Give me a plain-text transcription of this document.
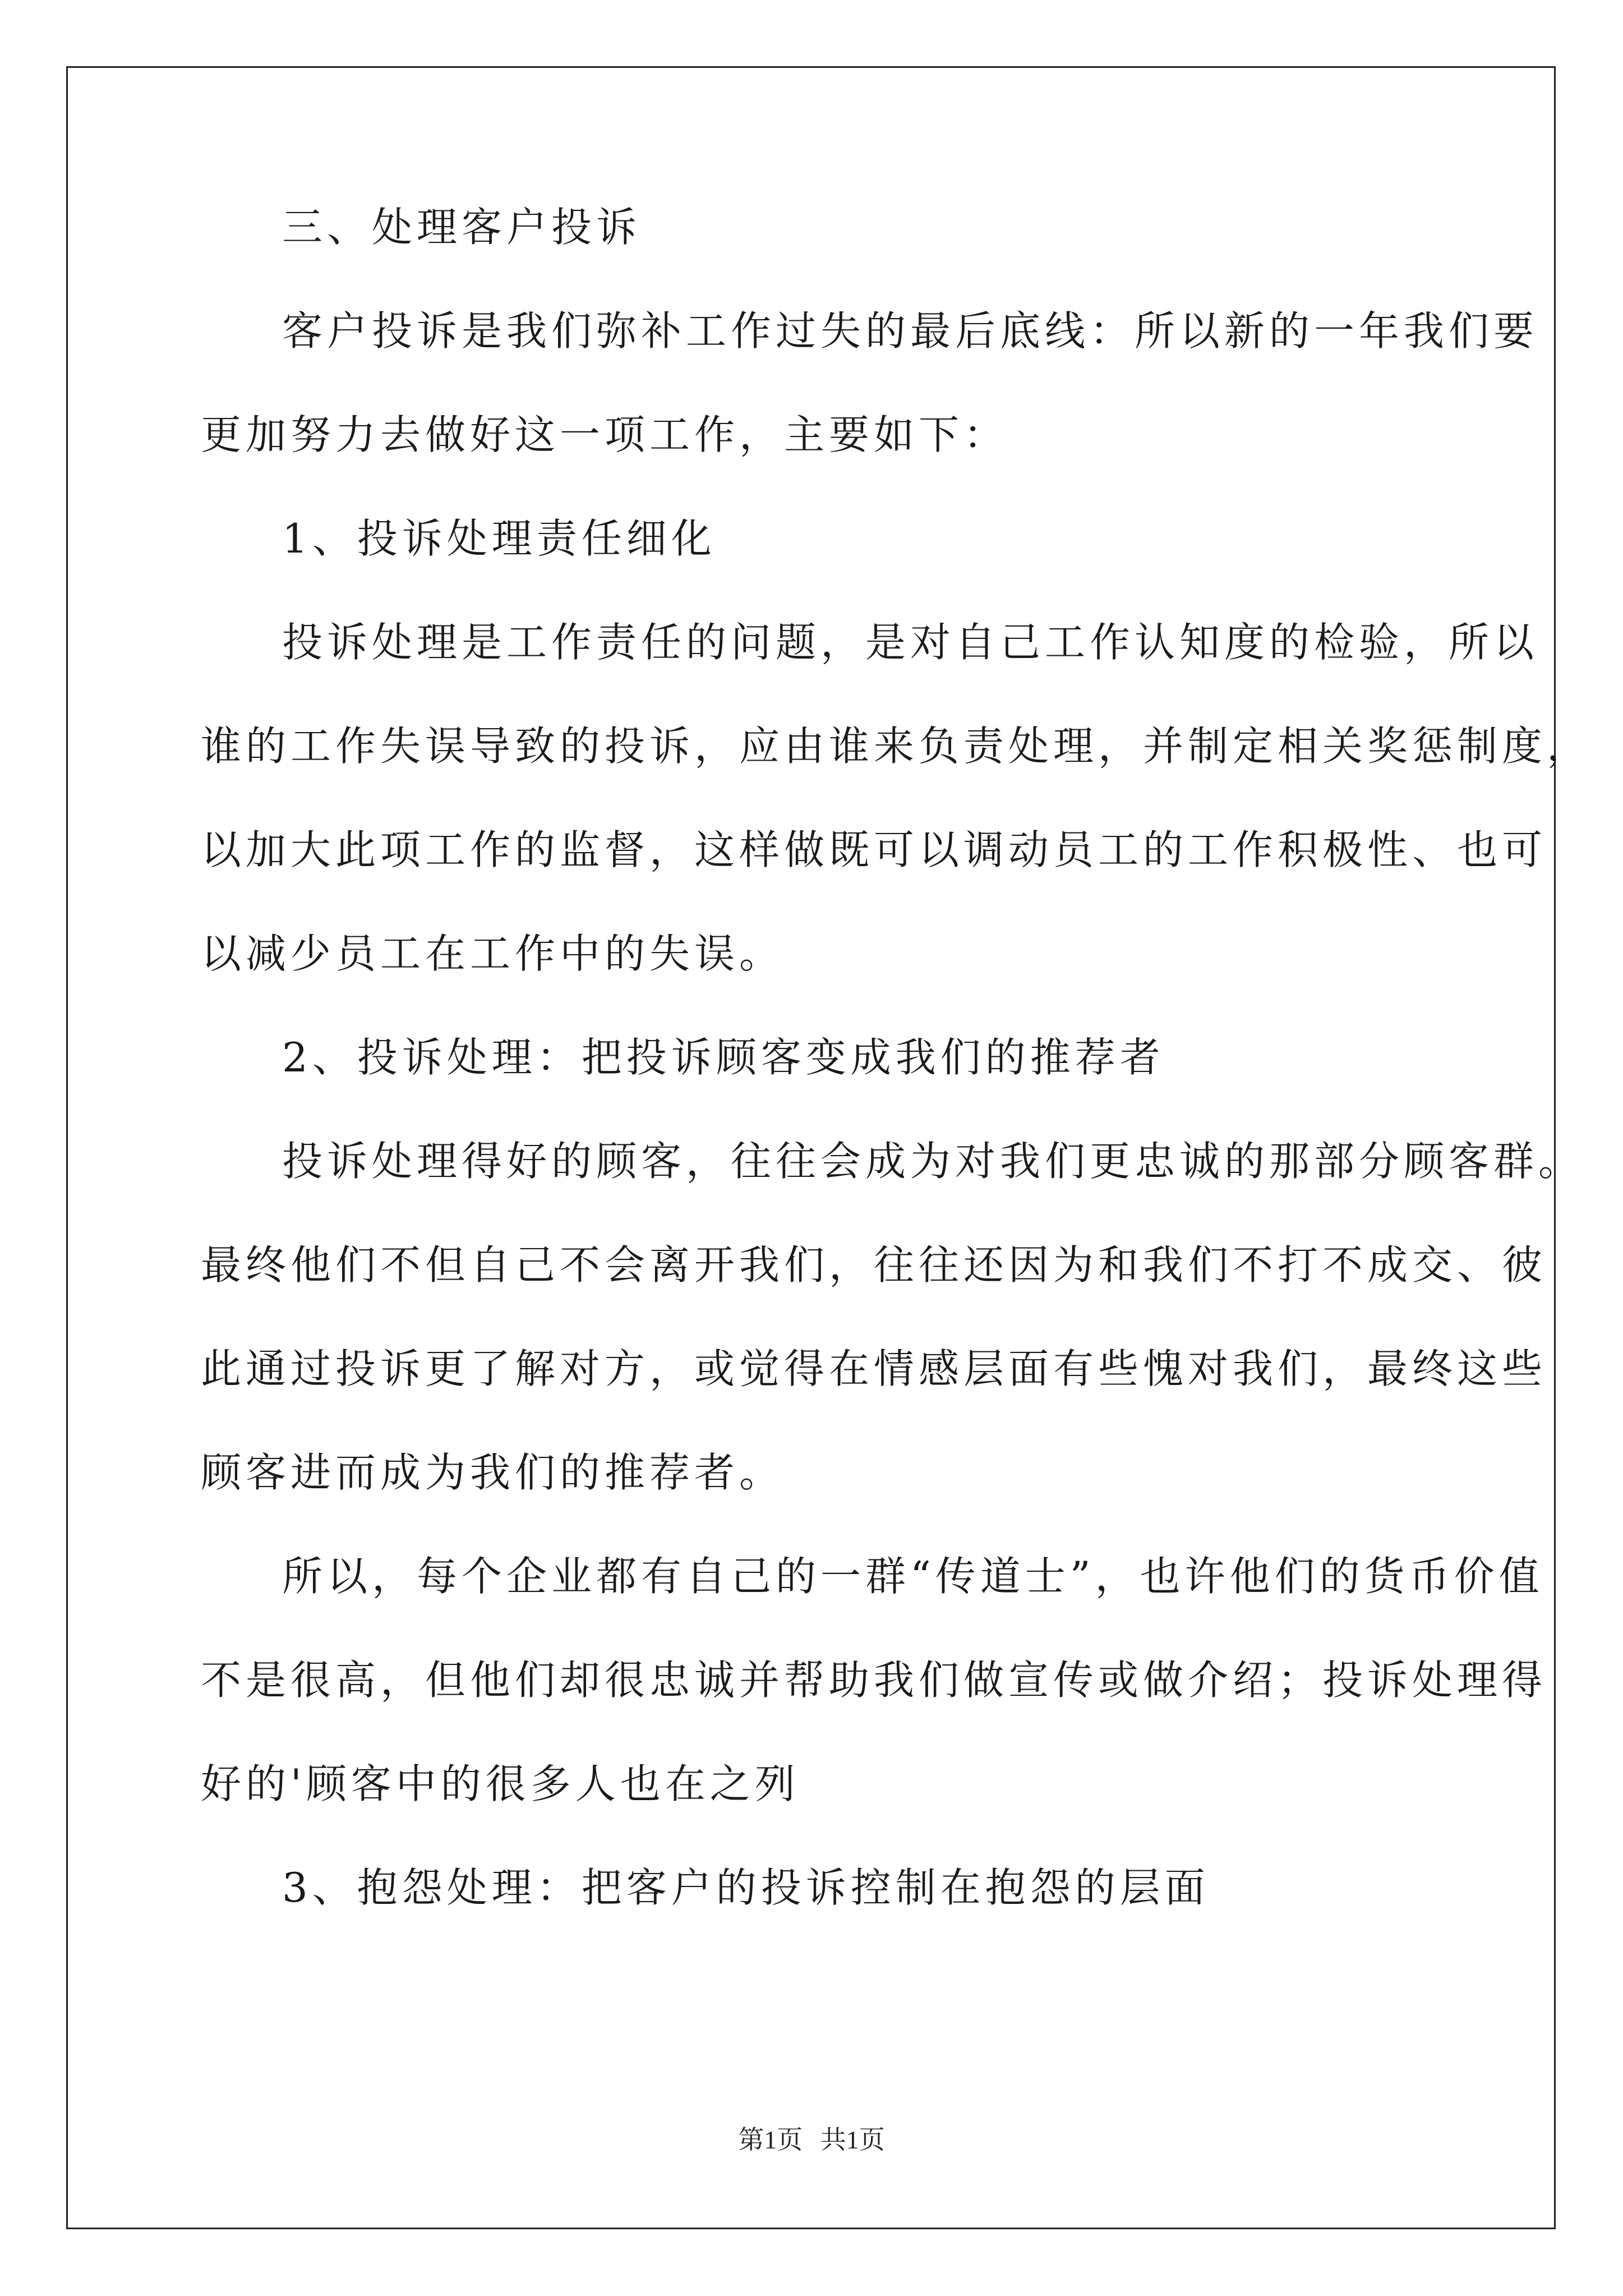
三、处理客户投诉
客户投诉是我们弥补工作过失的最后底线：所以新的一年我们要
更加努力去做好这一项工作，主要如下：
1、投诉处理责任细化
投诉处理是工作责任的问题，是对自己工作认知度的检验，所以
谁的工作失误导致的投诉，应由谁来负责处理，并制定相关奖惩制度，
以加大此项工作的监督，这样做既可以调动员工的工作积极性、也可
以减少员工在工作中的失误。
2、投诉处理：把投诉顾客变成我们的推荐者
投诉处理得好的顾客，往往会成为对我们更忠诚的那部分顾客群。
最终他们不但自己不会离开我们，往往还因为和我们不打不成交、彼
此通过投诉更了解对方，或觉得在情感层面有些愧对我们，最终这些
顾客进而成为我们的推荐者。
所以，每个企业都有自己的一群“传道士”，也许他们的货币价值
不是很高，但他们却很忠诚并帮助我们做宣传或做介绍；投诉处理得
好的'顾客中的很多人也在之列
3、抱怨处理：把客户的投诉控制在抱怨的层面
第1页 共1页
